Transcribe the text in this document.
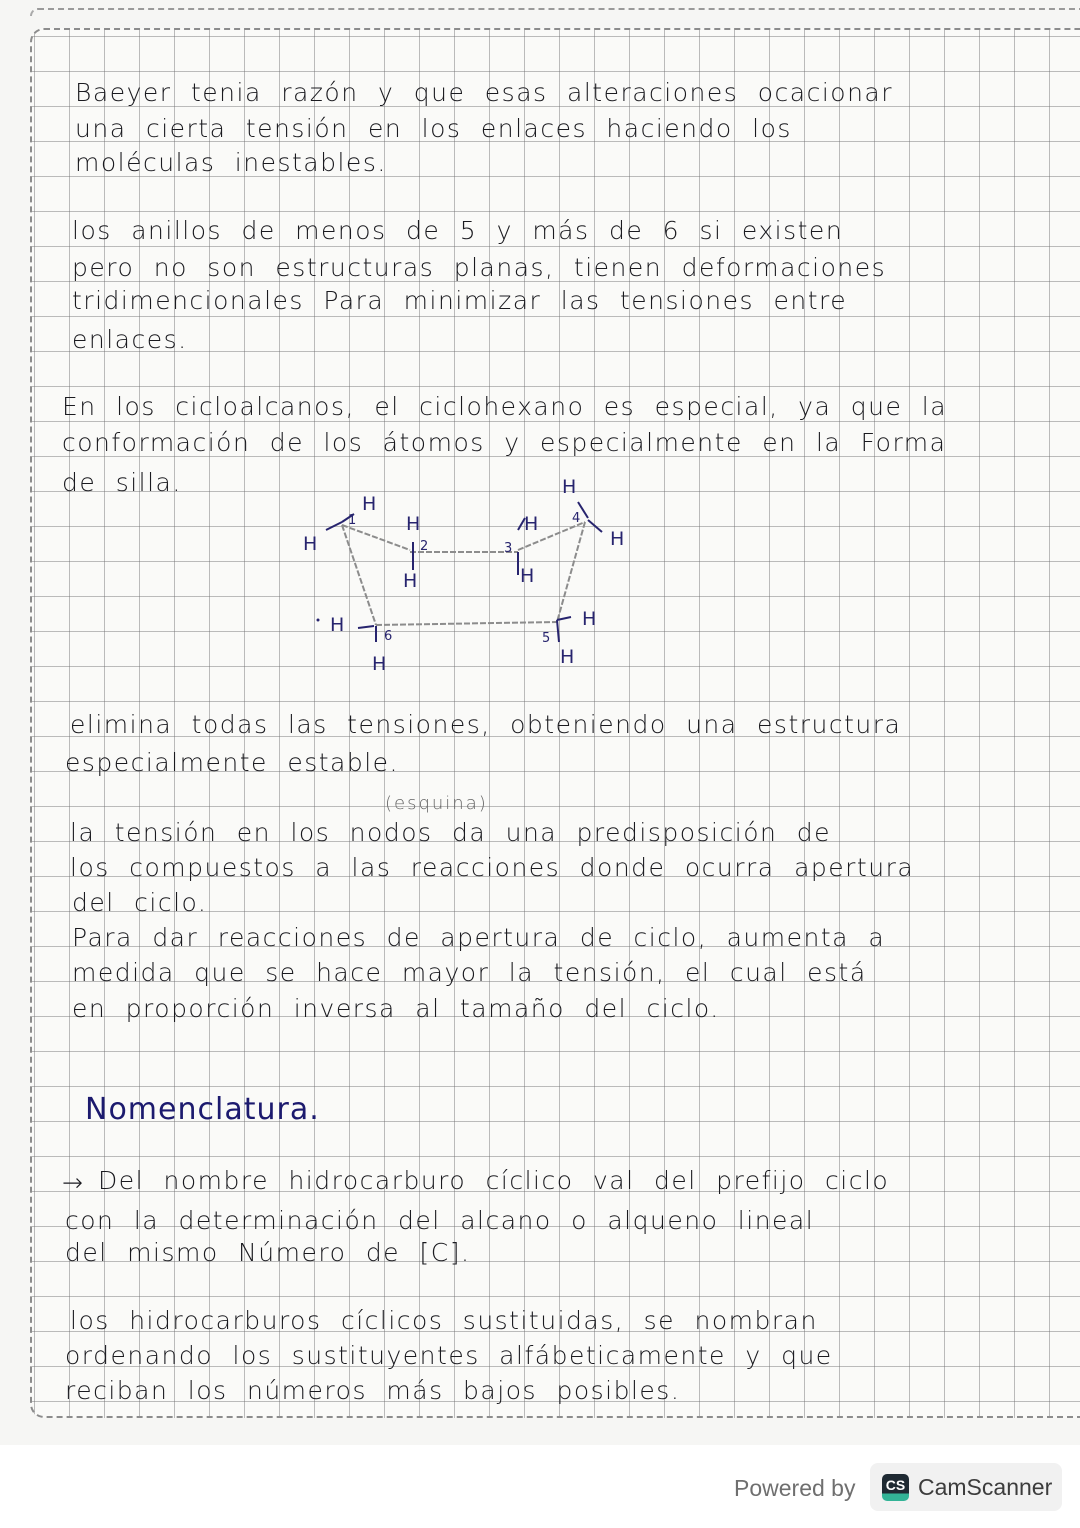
Baeyer tenia razón y que esas alteraciones ocacionar
una cierta tensión en los enlaces haciendo los
moléculas inestables.
los anillos de menos de 5 y más de 6 si existen
pero no son estructuras planas, tienen deformaciones
tridimencionales Para minimizar las tensiones entre
enlaces.
En los cicloalcanos, el ciclohexano es especial, ya que la
conformación de los átomos y especialmente en la Forma
de silla.
H
1
H
H
2
H
3
H
H
H
4
H
H
6
H
5
H
H
elimina todas las tensiones, obteniendo una estructura
especialmente estable.
(esquina)
la tensión en los nodos da una predisposición de
los compuestos a las reacciones donde ocurra apertura
del ciclo.
Para dar reacciones de apertura de ciclo, aumenta a
medida que se hace mayor la tensión, el cual está
en proporción inversa al tamaño del ciclo.
Nomenclatura.
→ Del nombre hidrocarburo cíclico val del prefijo ciclo
con la determinación del alcano o alqueno lineal
del mismo Número de [C].
los hidrocarburos cíclicos sustituidas, se nombran
ordenando los sustituyentes alfábeticamente y que
reciban los números más bajos posibles.
Powered by CS CamScanner
